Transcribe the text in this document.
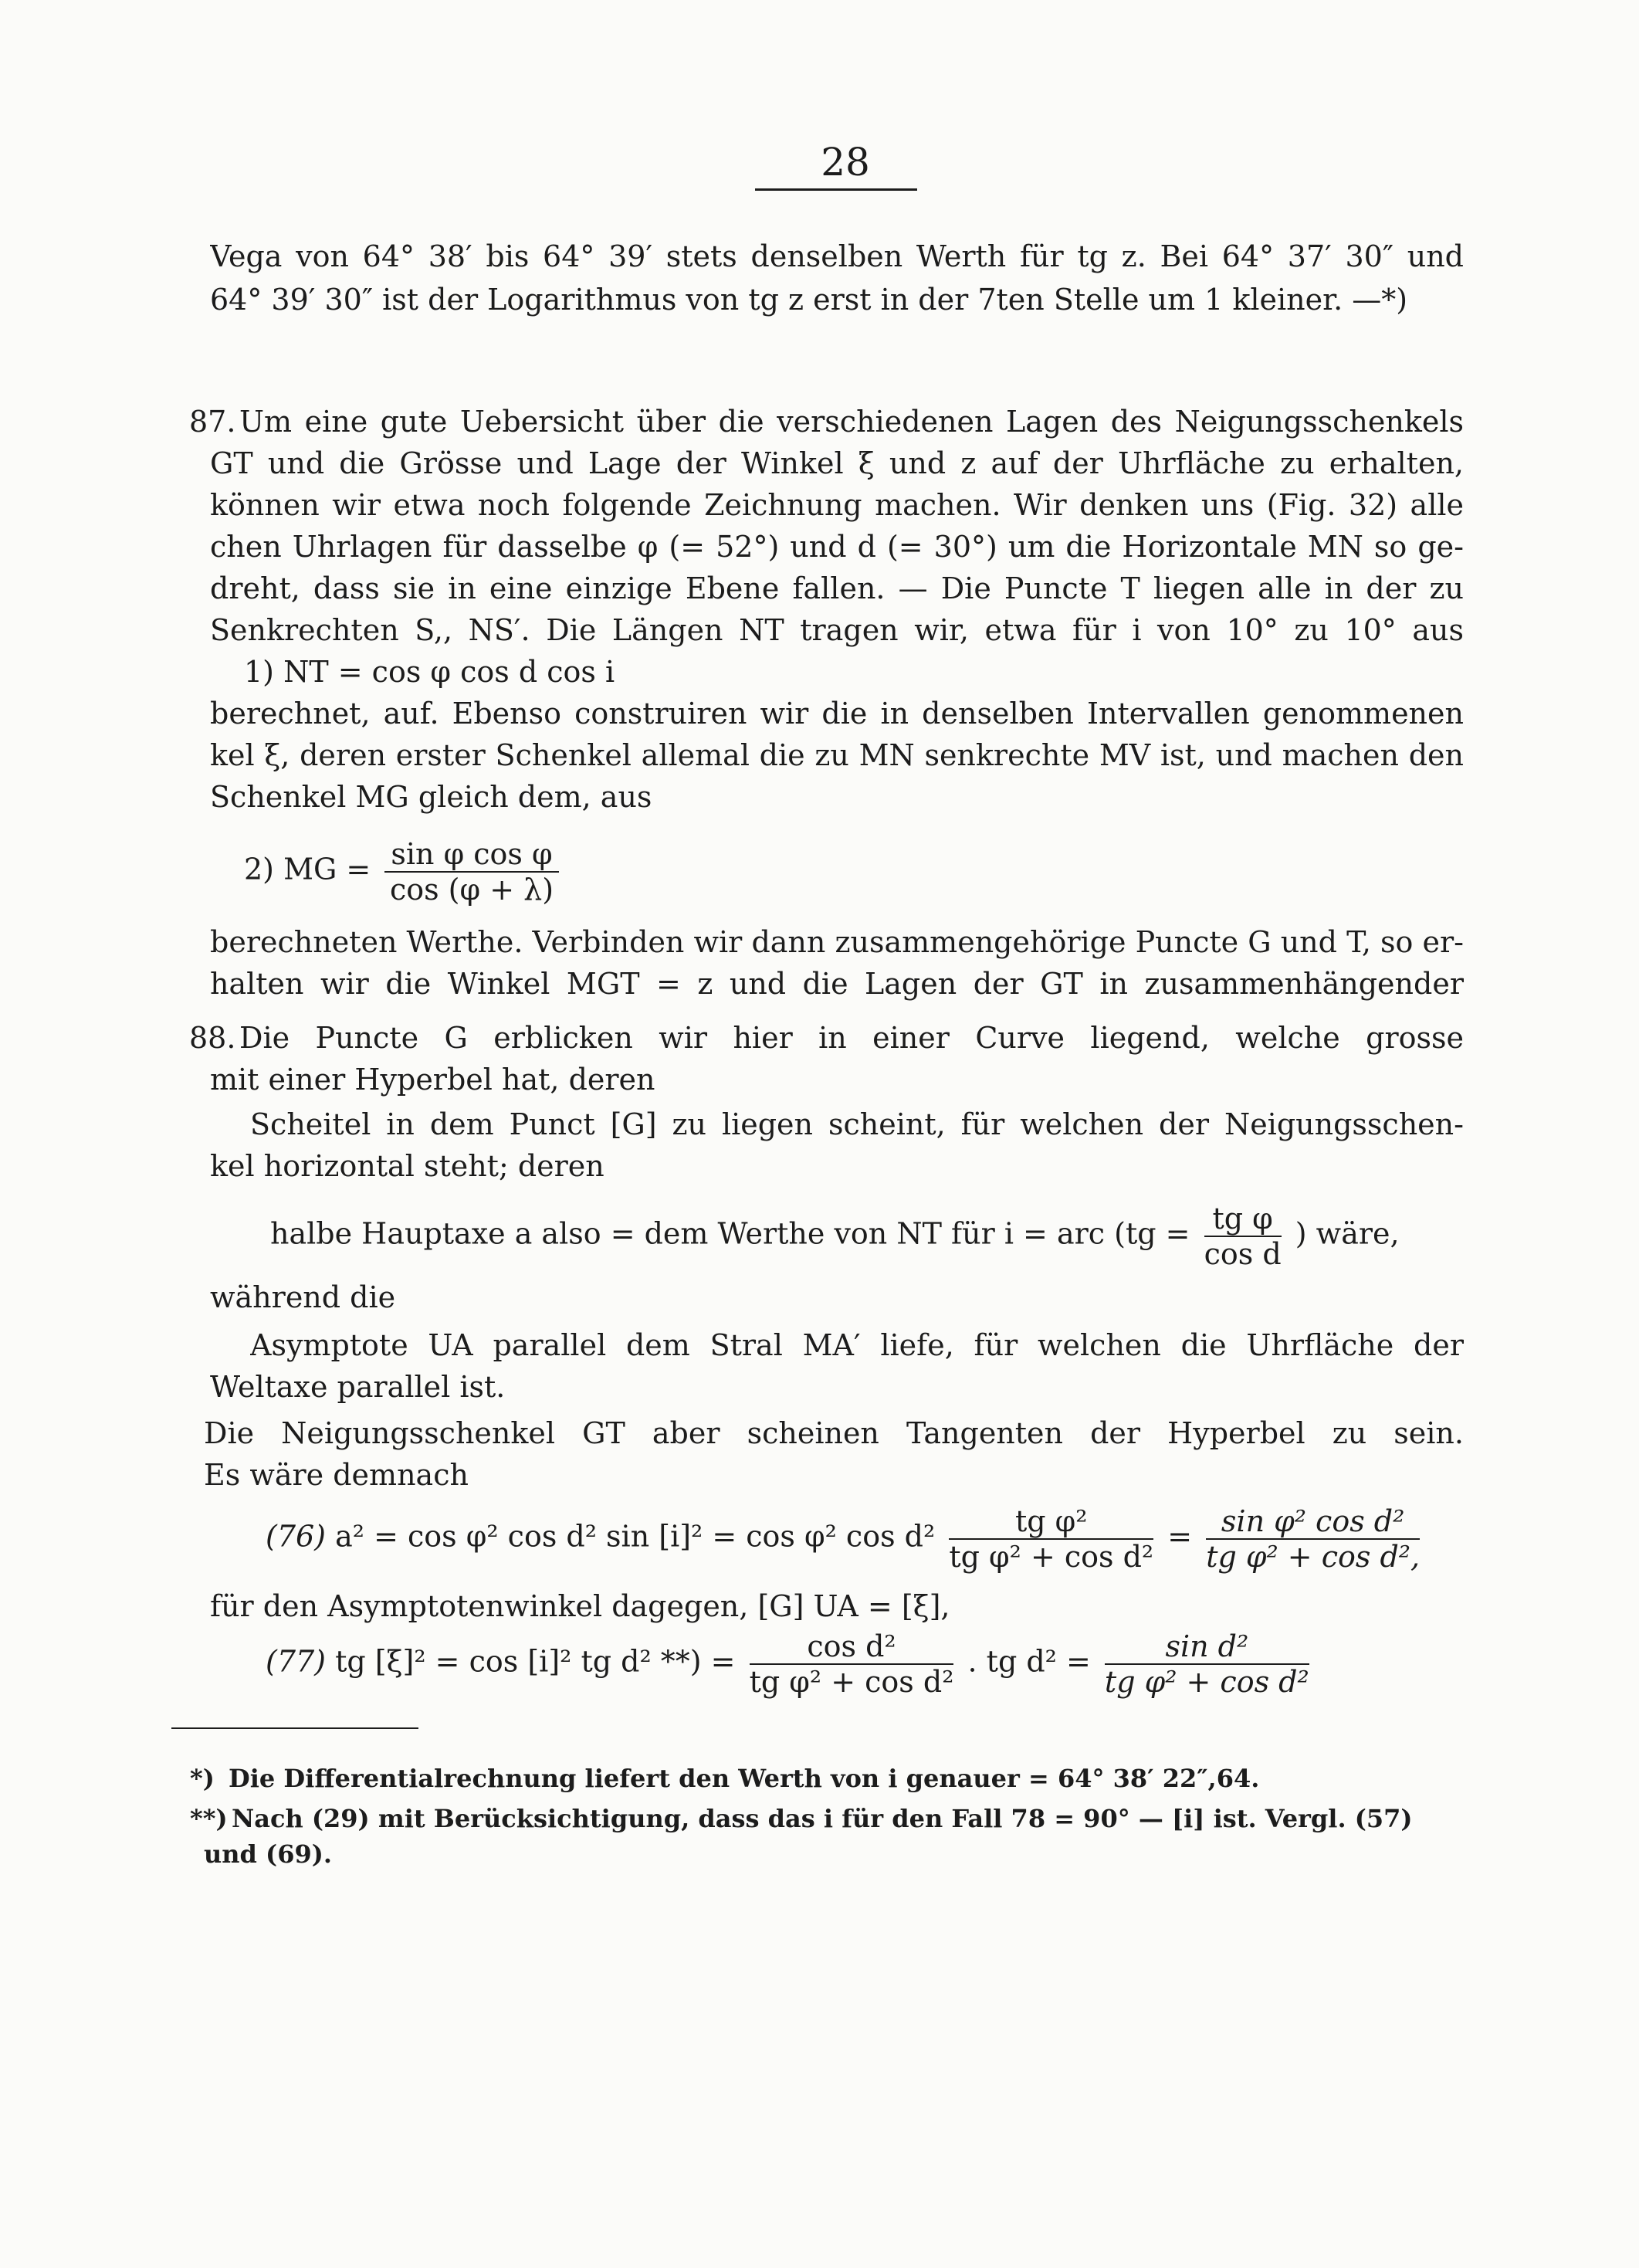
28
Vega von 64° 38′ bis 64° 39′ stets denselben Werth für tg z. Bei 64° 37′ 30″ und
64° 39′ 30″ ist der Logarithmus von tg z erst in der 7ten Stelle um 1 kleiner. —*)
87. Um eine gute Uebersicht über die verschiedenen Lagen des Neigungsschenkels
GT und die Grösse und Lage der Winkel ξ und z auf der Uhrfläche zu erhalten,
können wir etwa noch folgende Zeichnung machen. Wir denken uns (Fig. 32) alle
chen Uhrlagen für dasselbe φ (= 52°) und d (= 30°) um die Horizontale MN so ge-
dreht, dass sie in eine einzige Ebene fallen. — Die Puncte T liegen alle in der zu
Senkrechten S,, NS′. Die Längen NT tragen wir, etwa für i von 10° zu 10° aus
1) NT = cos φ cos d cos i
berechnet, auf. Ebenso construiren wir die in denselben Intervallen genommenen
kel ξ, deren erster Schenkel allemal die zu MN senkrechte MV ist, und machen den
Schenkel MG gleich dem, aus
2) MG = $\frac{\text{sin φ cos φ}}{\cos (\varphi + \lambda)}$
berechneten Werthe. Verbinden wir dann zusammengehörige Puncte G und T, so er-
halten wir die Winkel MGT = z und die Lagen der GT in zusammenhängender
88. Die Puncte G erblicken wir hier in einer Curve liegend, welche grosse
mit einer Hyperbel hat, deren
Scheitel in dem Punct [G] zu liegen scheint, für welchen der Neigungsschen-
kel horizontal steht; deren
halbe Hauptaxe a also = dem Werthe von NT für i = arc ($tg = \frac{\text{tg φ}}{\text{cos d}}$ ) wäre,
während die
Asymptote UA parallel dem Stral MA′ liefe, für welchen die Uhrfläche der
Weltaxe parallel ist.
Die Neigungsschenkel GT aber scheinen Tangenten der Hyperbel zu sein.
Es wäre demnach
(76) a² = cos φ² cos d² sin [i]² = cos φ² $\cos d^2 \frac{\text{tg φ²}}{\text{tg φ² + cos d²}} = \frac{\text{sin φ² cos d²}}{\text{tg φ² + cos d²,}}$
für den Asymptotenwinkel dagegen, [G] UA = [ξ],
(77) tg [ξ]² = cos [i]² tg d² **) = $\frac{\text{cos d²}}{\text{tg φ² + cos d²}}$ . tg $d^2 = \frac{\text{sin d²}}{\text{tg φ² + cos d²}}$
*) Die Differentialrechnung liefert den Werth von i genauer = 64° 38′ 22″,64.
**) Nach (29) mit Berücksichtigung, dass das i für den Fall 78 = 90° — [i] ist. Vergl. (57)
und (69).
